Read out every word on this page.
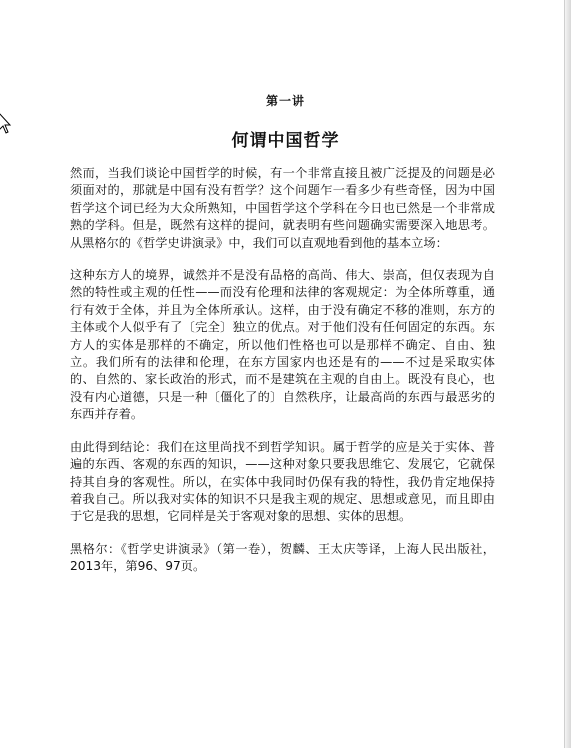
第一讲
何谓中国哲学

然而，当我们谈论中国哲学的时候，有一个非常直接且被广泛提及的问题是必须面对的，那就是中国有没有哲学？这个问题乍一看多少有些奇怪，因为中国哲学这个词已经为大众所熟知，中国哲学这个学科在今日也已然是一个非常成熟的学科。但是，既然有这样的提问，就表明有些问题确实需要深入地思考。从黑格尔的《哲学史讲演录》中，我们可以直观地看到他的基本立场：

这种东方人的境界，诚然并不是没有品格的高尚、伟大、崇高，但仅表现为自然的特性或主观的任性——而没有伦理和法律的客观规定：为全体所尊重，通行有效于全体，并且为全体所承认。这样，由于没有确定不移的准则，东方的主体或个人似乎有了〔完全〕独立的优点。对于他们没有任何固定的东西。东方人的实体是那样的不确定，所以他们性格也可以是那样不确定、自由、独立。我们所有的法律和伦理，在东方国家内也还是有的——不过是采取实体的、自然的、家长政治的形式，而不是建筑在主观的自由上。既没有良心，也没有内心道德，只是一种〔僵化了的〕自然秩序，让最高尚的东西与最恶劣的东西并存着。

由此得到结论：我们在这里尚找不到哲学知识。属于哲学的应是关于实体、普遍的东西、客观的东西的知识，——这种对象只要我思维它、发展它，它就保持其自身的客观性。所以，在实体中我同时仍保有我的特性，我仍肯定地保持着我自己。所以我对实体的知识不只是我主观的规定、思想或意见，而且即由于它是我的思想，它同样是关于客观对象的思想、实体的思想。

黑格尔：《哲学史讲演录》（第一卷），贺麟、王太庆等译，上海人民出版社，2013年，第96、97页。
